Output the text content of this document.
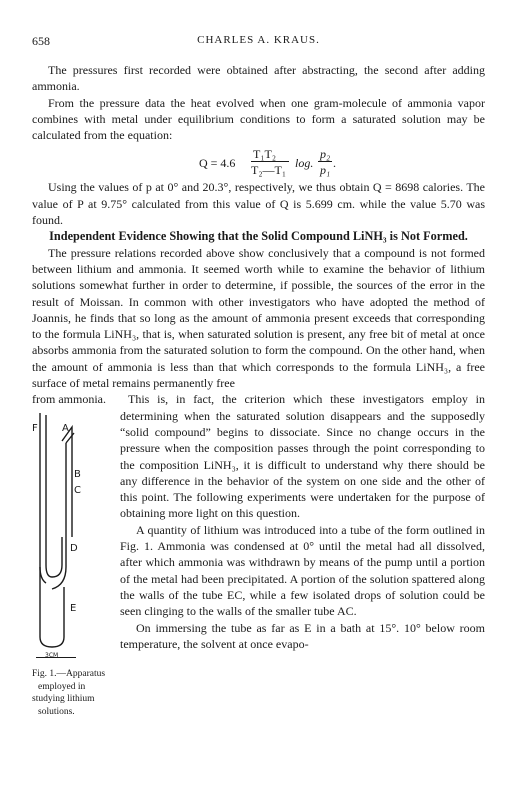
658	CHARLES A. KRAUS.

The pressures first recorded were obtained after abstracting, the second after adding ammonia.

From the pressure data the heat evolved when one gram-molecule of ammonia vapor combines with metal under equilibrium conditions to form a saturated solution may be calculated from the equation:

Q = 4.6
T₁T₂
T₂—T₁ log.
p₂
p₁ .

Using the values of p at 0° and 20.3°, respectively, we thus obtain Q = 8698 calories. The value of P at 9.75° calculated from this value of Q is 5.699 cm. while the value 5.70 was found.

Independent Evidence Showing that the Solid Compound LiNH₃ is Not Formed.

The pressure relations recorded above show conclusively that a compound is not formed between lithium and ammonia. It seemed worth while to examine the behavior of lithium solutions somewhat further in order to determine, if possible, the sources of the error in the result of Moissan. In common with other investigators who have adopted the method of Joannis, he finds that so long as the amount of ammonia present exceeds that corresponding to the formula LiNH₃, that is, when saturated solution is present, any free bit of metal at once absorbs ammonia from the saturated solution to form the compound. On the other hand, when the amount of ammonia is less than that which corresponds to the formula LiNH₃, a free surface of metal remains permanently free

from ammonia.
F A
B
C
D
E
3CM
Fig. 1.—Apparatus
employed in
studying lithium
solutions.

This is, in fact, the criterion which these investigators employ in determining when the saturated solution disappears and the supposedly “solid compound” begins to dissociate. Since no change occurs in the pressure when the composition passes through the point corresponding to the composition LiNH₃, it is difficult to understand why there should be any difference in the behavior of the system on one side and the other of this point. The following experiments were undertaken for the purpose of obtaining more light on this question.

A quantity of lithium was introduced into a tube of the form outlined in Fig. 1. Ammonia was condensed at 0° until the metal had all dissolved, after which ammonia was withdrawn by means of the pump until a portion of the metal had been precipitated. A portion of the solution spattered along the walls of the tube EC, while a few isolated drops of solution could be seen clinging to the walls of the smaller tube AC.

On immersing the tube as far as E in a bath at 15°. 10° below room temperature, the solvent at once evapo-
